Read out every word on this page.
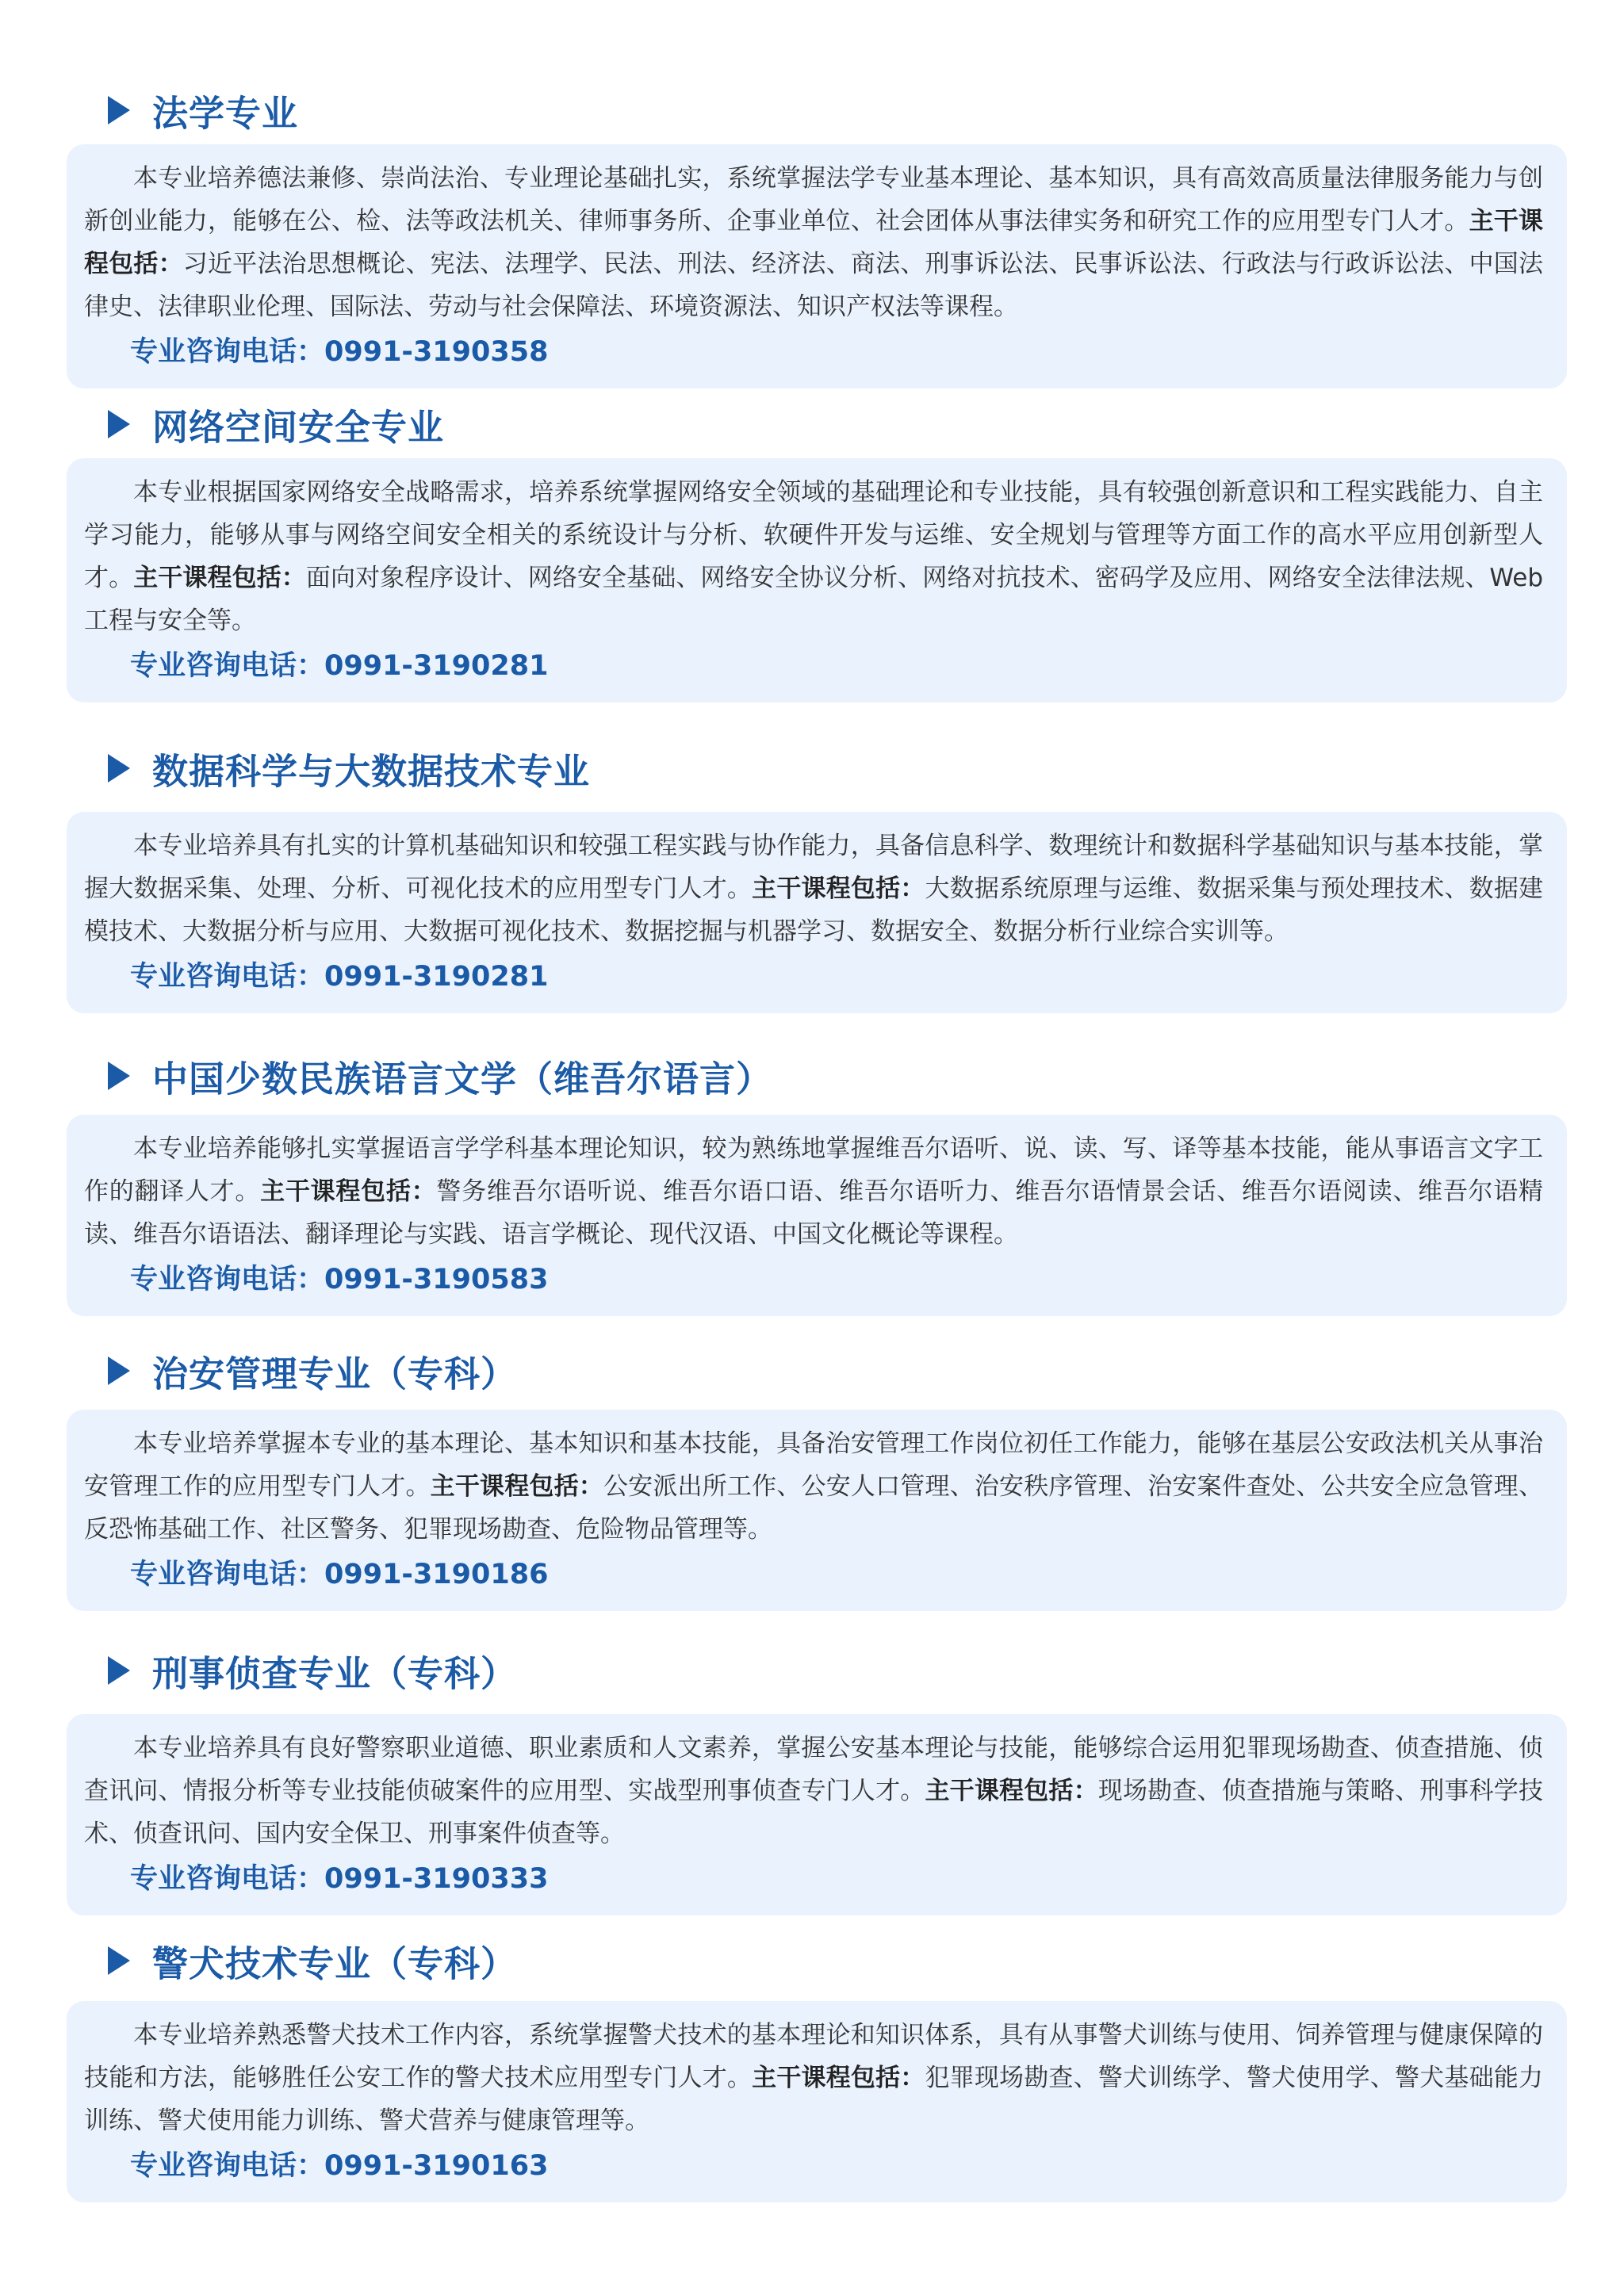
法学专业

本专业培养德法兼修、崇尚法治、专业理论基础扎实，系统掌握法学专业基本理论、基本知识，具有高效高质量法律服务能力与创新创业能力，能够在公、检、法等政法机关、律师事务所、企事业单位、社会团体从事法律实务和研究工作的应用型专门人才。主干课程包括：习近平法治思想概论、宪法、法理学、民法、刑法、经济法、商法、刑事诉讼法、民事诉讼法、行政法与行政诉讼法、中国法律史、法律职业伦理、国际法、劳动与社会保障法、环境资源法、知识产权法等课程。

专业咨询电话：0991-3190358
网络空间安全专业

本专业根据国家网络安全战略需求，培养系统掌握网络安全领域的基础理论和专业技能，具有较强创新意识和工程实践能力、自主学习能力，能够从事与网络空间安全相关的系统设计与分析、软硬件开发与运维、安全规划与管理等方面工作的高水平应用创新型人才。主干课程包括：面向对象程序设计、网络安全基础、网络安全协议分析、网络对抗技术、密码学及应用、网络安全法律法规、Web工程与安全等。

专业咨询电话：0991-3190281
数据科学与大数据技术专业

本专业培养具有扎实的计算机基础知识和较强工程实践与协作能力，具备信息科学、数理统计和数据科学基础知识与基本技能，掌握大数据采集、处理、分析、可视化技术的应用型专门人才。主干课程包括：大数据系统原理与运维、数据采集与预处理技术、数据建模技术、大数据分析与应用、大数据可视化技术、数据挖掘与机器学习、数据安全、数据分析行业综合实训等。

专业咨询电话：0991-3190281
中国少数民族语言文学（维吾尔语言）

本专业培养能够扎实掌握语言学学科基本理论知识，较为熟练地掌握维吾尔语听、说、读、写、译等基本技能，能从事语言文字工作的翻译人才。主干课程包括：警务维吾尔语听说、维吾尔语口语、维吾尔语听力、维吾尔语情景会话、维吾尔语阅读、维吾尔语精读、维吾尔语语法、翻译理论与实践、语言学概论、现代汉语、中国文化概论等课程。

专业咨询电话：0991-3190583
治安管理专业（专科）

本专业培养掌握本专业的基本理论、基本知识和基本技能，具备治安管理工作岗位初任工作能力，能够在基层公安政法机关从事治安管理工作的应用型专门人才。主干课程包括：公安派出所工作、公安人口管理、治安秩序管理、治安案件查处、公共安全应急管理、反恐怖基础工作、社区警务、犯罪现场勘查、危险物品管理等。

专业咨询电话：0991-3190186
刑事侦查专业（专科）

本专业培养具有良好警察职业道德、职业素质和人文素养，掌握公安基本理论与技能，能够综合运用犯罪现场勘查、侦查措施、侦查讯问、情报分析等专业技能侦破案件的应用型、实战型刑事侦查专门人才。主干课程包括：现场勘查、侦查措施与策略、刑事科学技术、侦查讯问、国内安全保卫、刑事案件侦查等。

专业咨询电话：0991-3190333
警犬技术专业（专科）

本专业培养熟悉警犬技术工作内容，系统掌握警犬技术的基本理论和知识体系，具有从事警犬训练与使用、饲养管理与健康保障的技能和方法，能够胜任公安工作的警犬技术应用型专门人才。主干课程包括：犯罪现场勘查、警犬训练学、警犬使用学、警犬基础能力训练、警犬使用能力训练、警犬营养与健康管理等。

专业咨询电话：0991-3190163
